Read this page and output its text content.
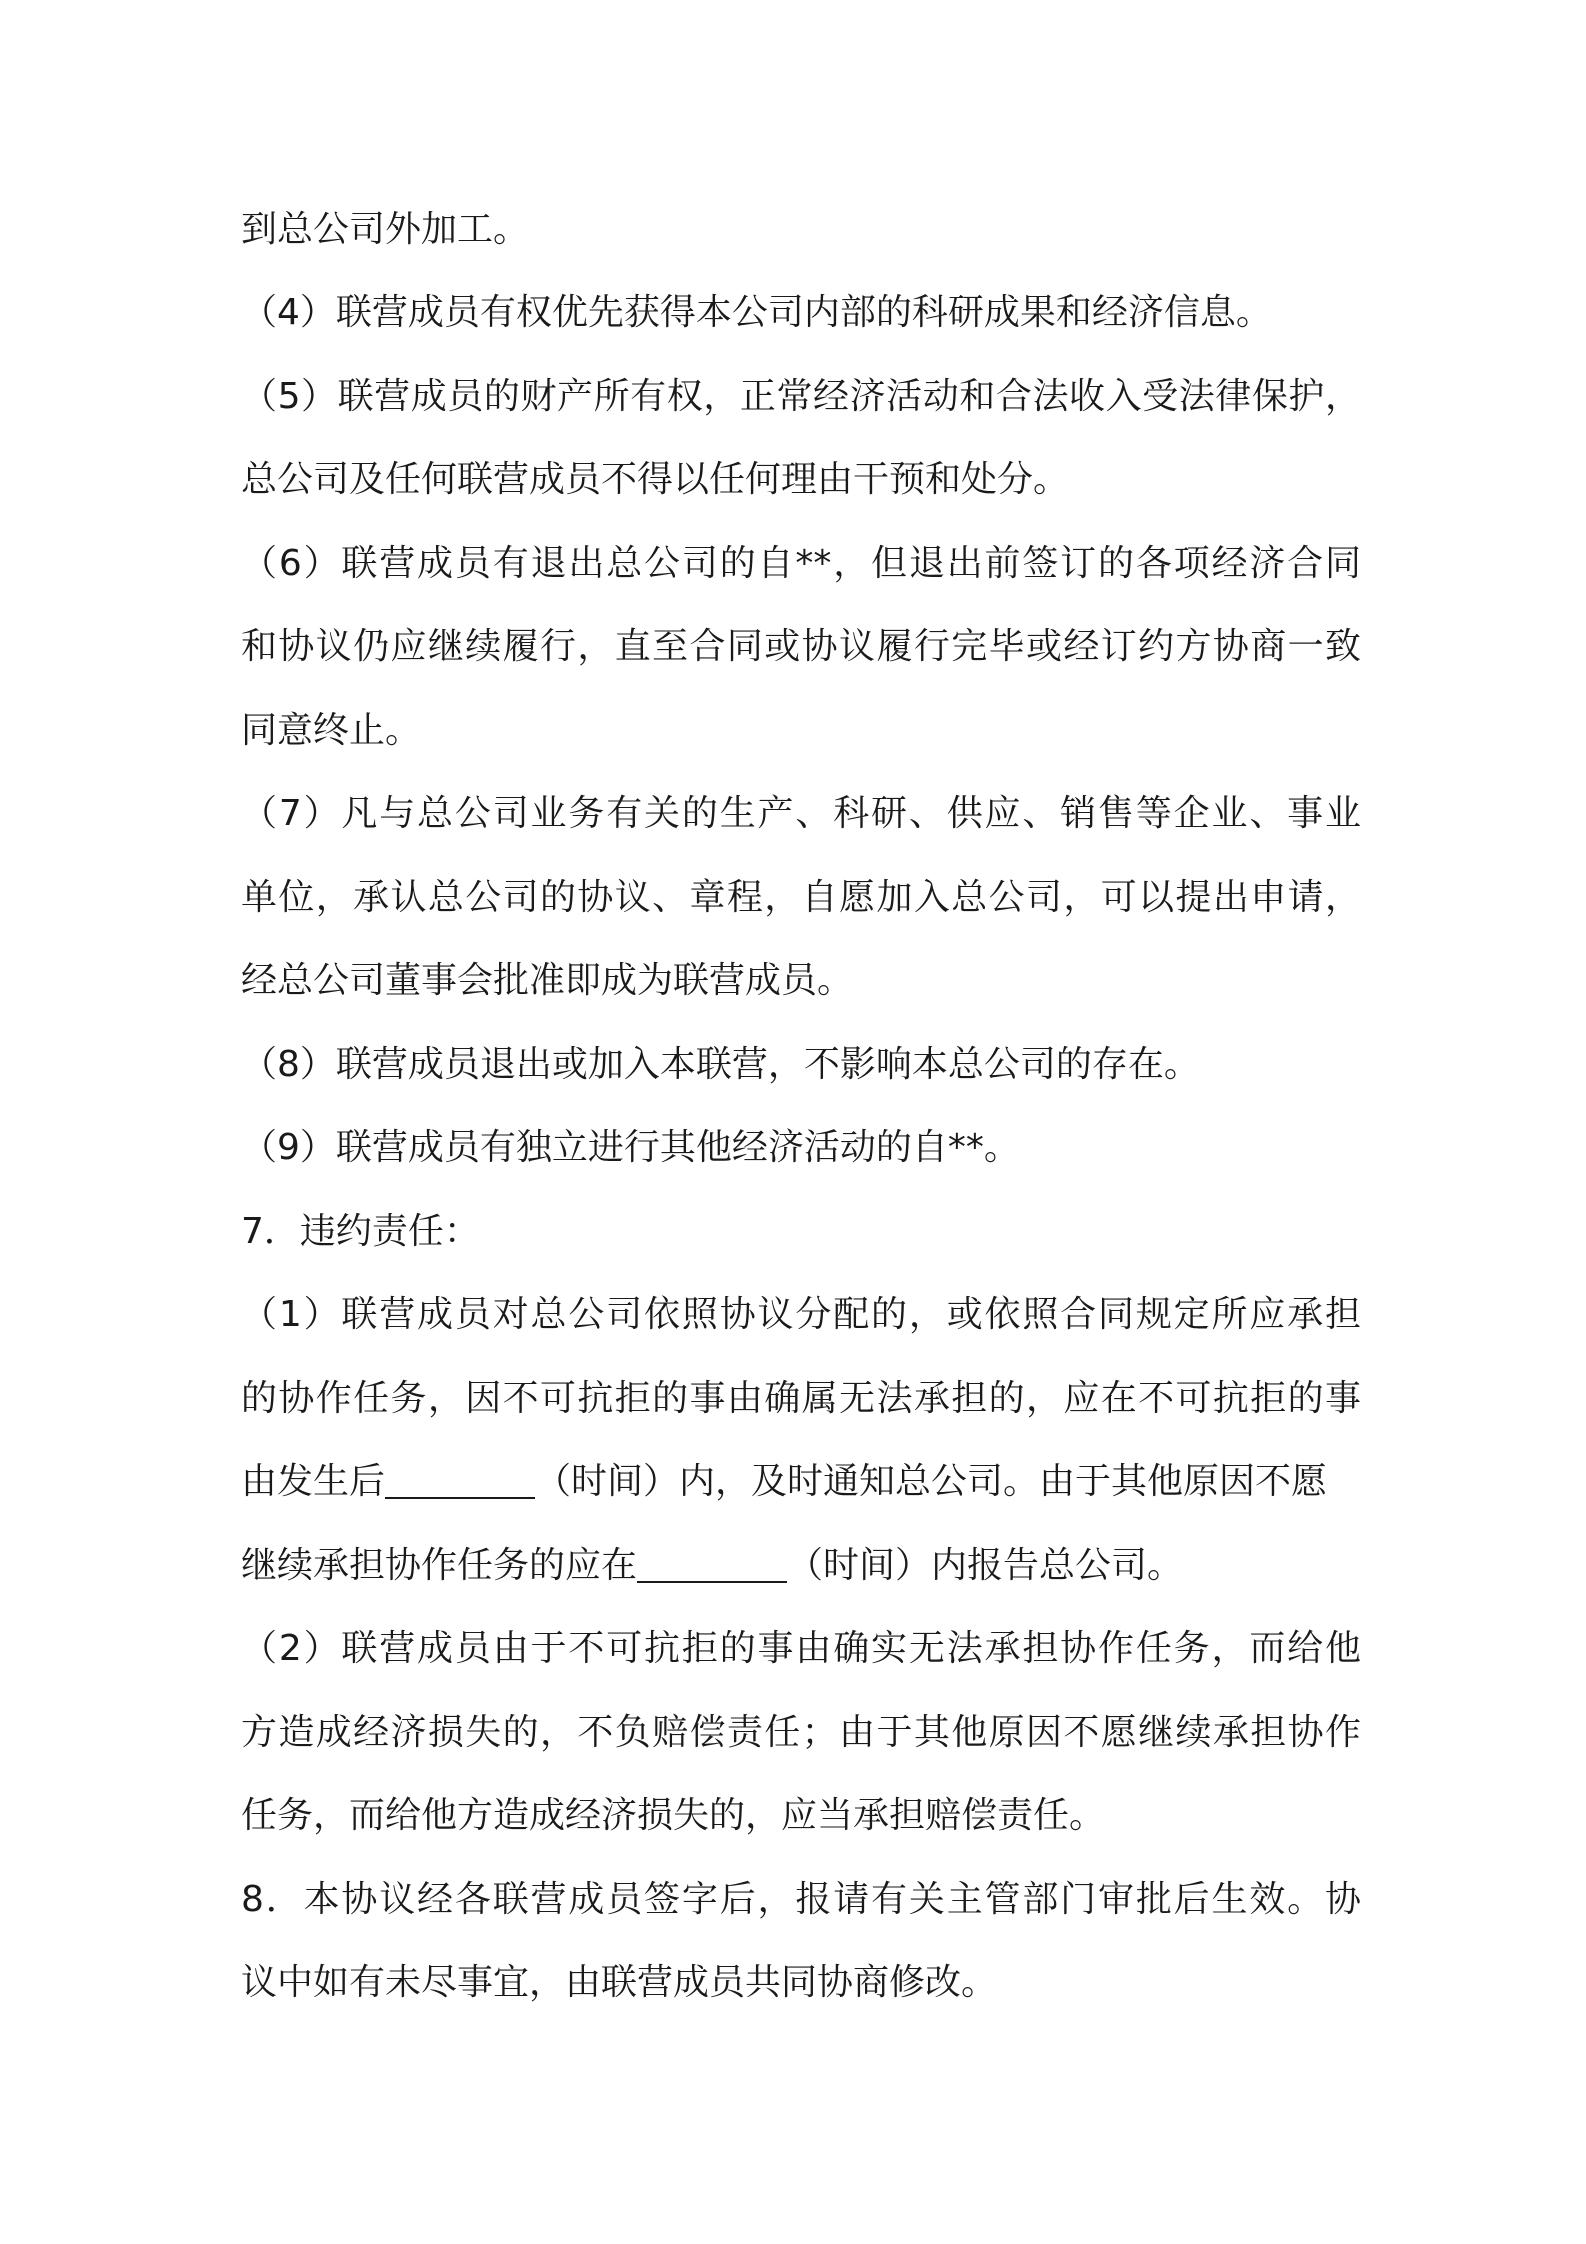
到总公司外加工。
（4）联营成员有权优先获得本公司内部的科研成果和经济信息。
（5）联营成员的财产所有权，正常经济活动和合法收入受法律保护，
总公司及任何联营成员不得以任何理由干预和处分。
（6）联营成员有退出总公司的自**，但退出前签订的各项经济合同
和协议仍应继续履行，直至合同或协议履行完毕或经订约方协商一致
同意终止。
（7）凡与总公司业务有关的生产、科研、供应、销售等企业、事业
单位，承认总公司的协议、章程，自愿加入总公司，可以提出申请，
经总公司董事会批准即成为联营成员。
（8）联营成员退出或加入本联营，不影响本总公司的存在。
（9）联营成员有独立进行其他经济活动的自**。
7．违约责任：
（1）联营成员对总公司依照协议分配的，或依照合同规定所应承担
的协作任务，因不可抗拒的事由确属无法承担的，应在不可抗拒的事
由发生后	（时间）内，及时通知总公司。由于其他原因不愿
继续承担协作任务的应在	（时间）内报告总公司。
（2）联营成员由于不可抗拒的事由确实无法承担协作任务，而给他
方造成经济损失的，不负赔偿责任；由于其他原因不愿继续承担协作
任务，而给他方造成经济损失的，应当承担赔偿责任。
8．本协议经各联营成员签字后，报请有关主管部门审批后生效。协
议中如有未尽事宜，由联营成员共同协商修改。
